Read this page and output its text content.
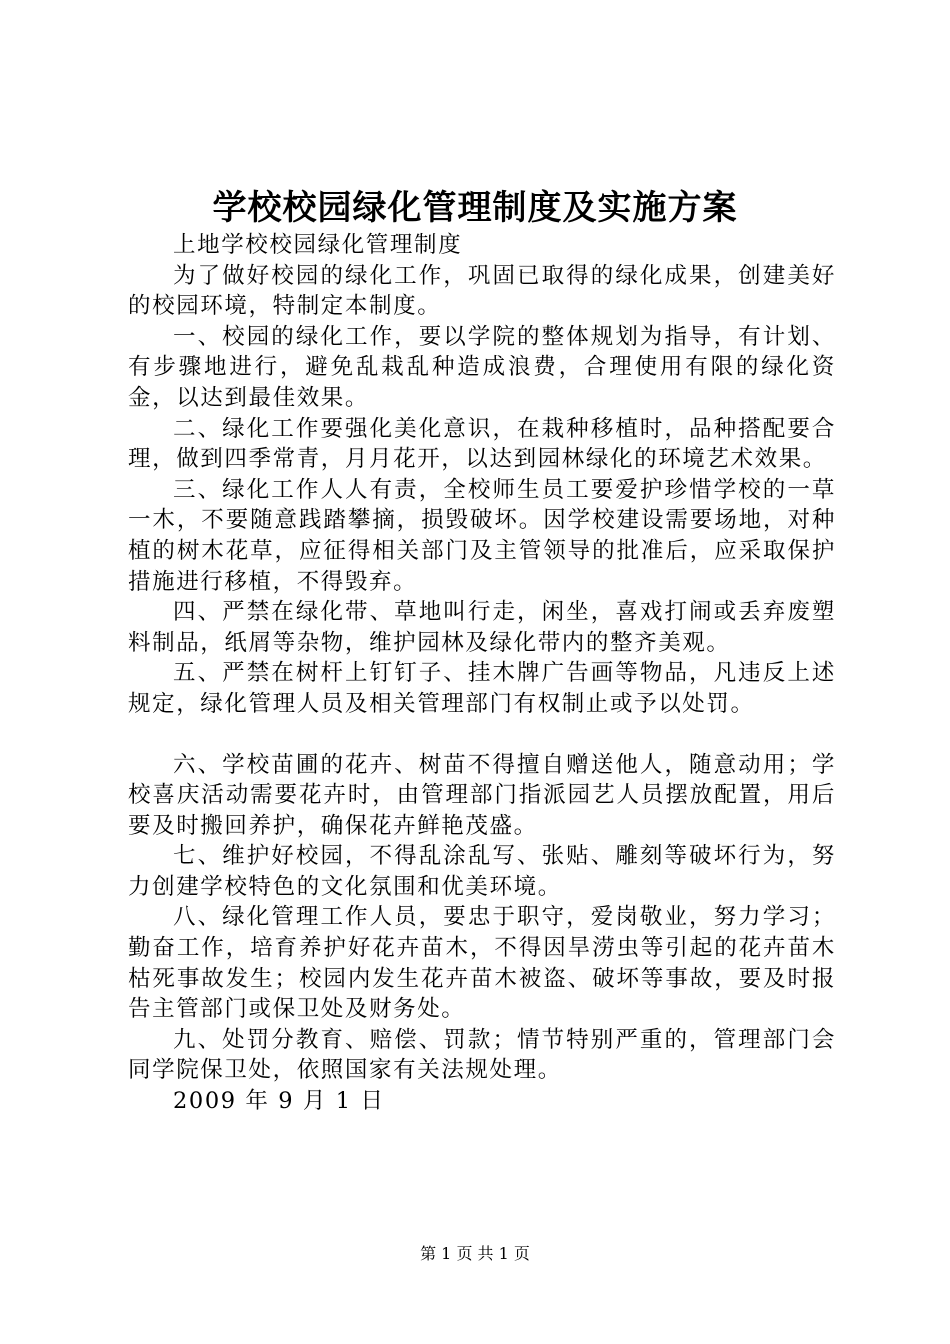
学校校园绿化管理制度及实施方案

上地学校校园绿化管理制度

为了做好校园的绿化工作，巩固已取得的绿化成果，创建美好的校园环境，特制定本制度。

一、校园的绿化工作，要以学院的整体规划为指导，有计划、有步骤地进行，避免乱栽乱种造成浪费，合理使用有限的绿化资金，以达到最佳效果。

二、绿化工作要强化美化意识，在栽种移植时，品种搭配要合理，做到四季常青，月月花开，以达到园林绿化的环境艺术效果。

三、绿化工作人人有责，全校师生员工要爱护珍惜学校的一草一木，不要随意践踏攀摘，损毁破坏。因学校建设需要场地，对种植的树木花草，应征得相关部门及主管领导的批准后，应采取保护措施进行移植，不得毁弃。

四、严禁在绿化带、草地叫行走，闲坐，喜戏打闹或丢弃废塑料制品，纸屑等杂物，维护园林及绿化带内的整齐美观。

五、严禁在树杆上钉钉子、挂木牌广告画等物品，凡违反上述规定，绿化管理人员及相关管理部门有权制止或予以处罚。

六、学校苗圃的花卉、树苗不得擅自赠送他人，随意动用；学校喜庆活动需要花卉时，由管理部门指派园艺人员摆放配置，用后要及时搬回养护，确保花卉鲜艳茂盛。

七、维护好校园，不得乱涂乱写、张贴、雕刻等破坏行为，努力创建学校特色的文化氛围和优美环境。

八、绿化管理工作人员，要忠于职守，爱岗敬业，努力学习；勤奋工作，培育养护好花卉苗木，不得因旱涝虫等引起的花卉苗木枯死事故发生；校园内发生花卉苗木被盗、破坏等事故，要及时报告主管部门或保卫处及财务处。

九、处罚分教育、赔偿、罚款；情节特别严重的，管理部门会同学院保卫处，依照国家有关法规处理。

2009 年 9 月 1 日

第 1 页 共 1 页
